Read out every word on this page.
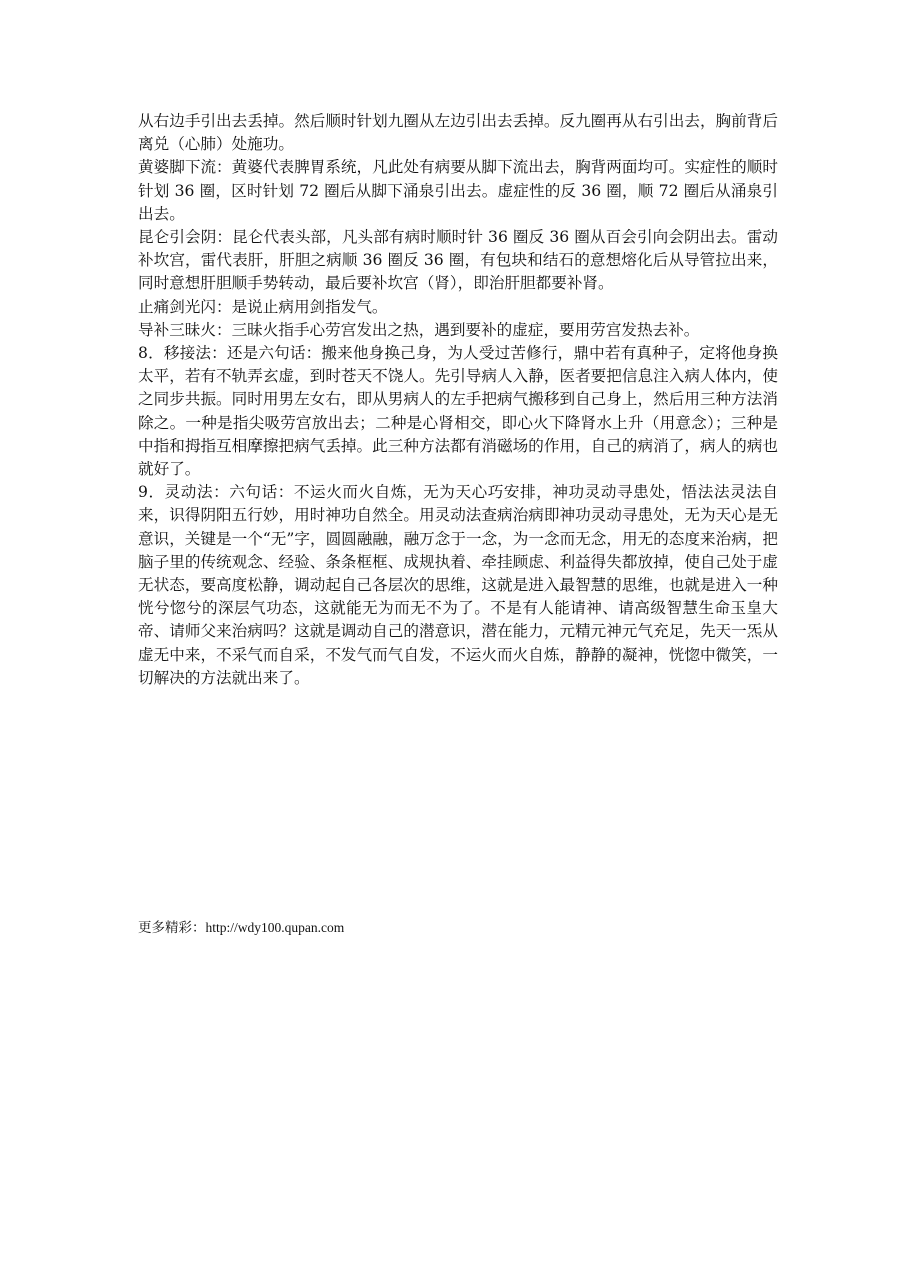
从右边手引出去丢掉。然后顺时针划九圈从左边引出去丢掉。反九圈再从右引出去，胸前背后离兑（心肺）处施功。

黄婆脚下流：黄婆代表脾胃系统，凡此处有病要从脚下流出去，胸背两面均可。实症性的顺时针划 36 圈，区时针划 72 圈后从脚下涌泉引出去。虚症性的反 36 圈，顺 72 圈后从涌泉引出去。

昆仑引会阴：昆仑代表头部，凡头部有病时顺时针 36 圈反 36 圈从百会引向会阴出去。雷动补坎宫，雷代表肝，肝胆之病顺 36 圈反 36 圈，有包块和结石的意想熔化后从导管拉出来，同时意想肝胆顺手势转动，最后要补坎宫（肾），即治肝胆都要补肾。

止痛剑光闪：是说止病用剑指发气。

导补三昧火：三昧火指手心劳宫发出之热，遇到要补的虚症，要用劳宫发热去补。

8．移接法：还是六句话：搬来他身换己身，为人受过苦修行，鼎中若有真种子，定将他身换太平，若有不轨弄玄虚，到时苍天不饶人。先引导病人入静，医者要把信息注入病人体内，使之同步共振。同时用男左女右，即从男病人的左手把病气搬移到自己身上，然后用三种方法消除之。一种是指尖吸劳宫放出去；二种是心肾相交，即心火下降肾水上升（用意念）；三种是中指和拇指互相摩擦把病气丢掉。此三种方法都有消磁场的作用，自己的病消了，病人的病也就好了。

9．灵动法：六句话：不运火而火自炼，无为天心巧安排，神功灵动寻患处，悟法法灵法自来，识得阴阳五行妙，用时神功自然全。用灵动法查病治病即神功灵动寻患处，无为天心是无意识，关键是一个“无”字，圆圆融融，融万念于一念，为一念而无念，用无的态度来治病，把脑子里的传统观念、经验、条条框框、成规执着、牵挂顾虑、利益得失都放掉，使自己处于虚无状态，要高度松静，调动起自己各层次的思维，这就是进入最智慧的思维，也就是进入一种恍兮惚兮的深层气功态，这就能无为而无不为了。不是有人能请神、请高级智慧生命玉皇大帝、请师父来治病吗？这就是调动自己的潜意识，潜在能力，元精元神元气充足，先天一炁从虚无中来，不采气而自采，不发气而气自发，不运火而火自炼，静静的凝神，恍惚中微笑，一切解决的方法就出来了。

更多精彩：http://wdy100.qupan.com
